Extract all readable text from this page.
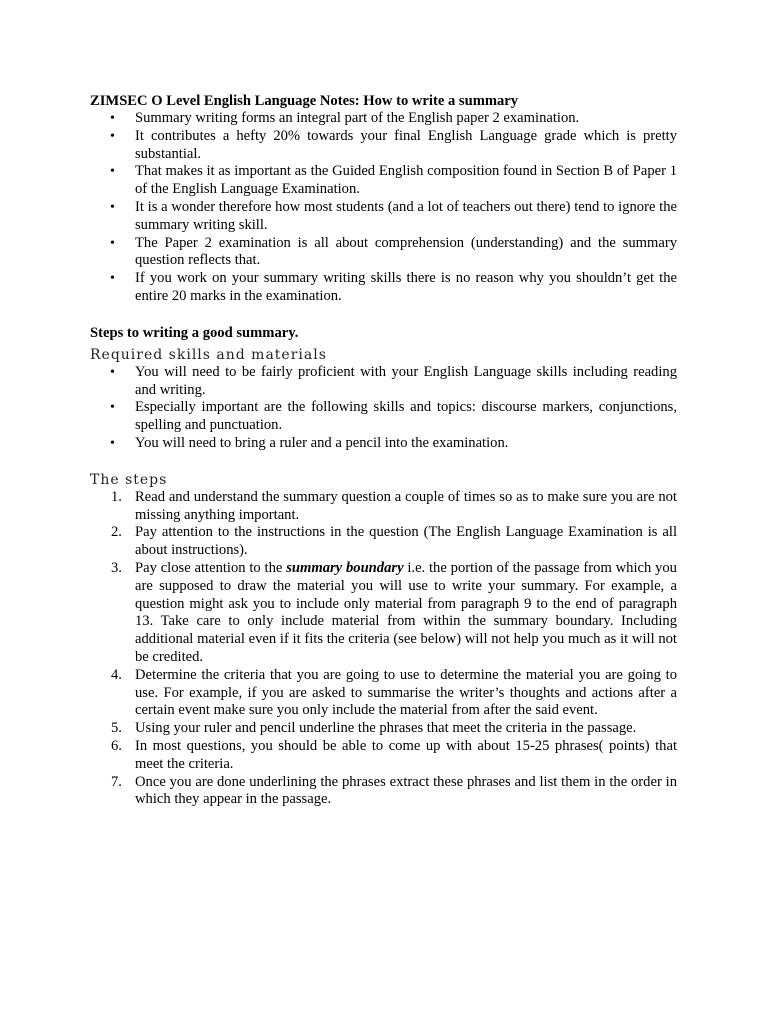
ZIMSEC O Level English Language Notes: How to write a summary

• Summary writing forms an integral part of the English paper 2 examination.
• It contributes a hefty 20% towards your final English Language grade which is pretty substantial.
• That makes it as important as the Guided English composition found in Section B of Paper 1 of the English Language Examination.
• It is a wonder therefore how most students (and a lot of teachers out there) tend to ignore the summary writing skill.
• The Paper 2 examination is all about comprehension (understanding) and the summary question reflects that.
• If you work on your summary writing skills there is no reason why you shouldn’t get the entire 20 marks in the examination.
Steps to writing a good summary.
Required skills and materials
• You will need to be fairly proficient with your English Language skills including reading and writing.
• Especially important are the following skills and topics: discourse markers, conjunctions, spelling and punctuation.
• You will need to bring a ruler and a pencil into the examination.
The steps
1. Read and understand the summary question a couple of times so as to make sure you are not missing anything important.
2. Pay attention to the instructions in the question (The English Language Examination is all about instructions).
3. Pay close attention to the summary boundary i.e. the portion of the passage from which you are supposed to draw the material you will use to write your summary. For example, a question might ask you to include only material from paragraph 9 to the end of paragraph 13. Take care to only include material from within the summary boundary. Including additional material even if it fits the criteria (see below) will not help you much as it will not be credited.
4. Determine the criteria that you are going to use to determine the material you are going to use. For example, if you are asked to summarise the writer’s thoughts and actions after a certain event make sure you only include the material from after the said event.
5. Using your ruler and pencil underline the phrases that meet the criteria in the passage.
6. In most questions, you should be able to come up with about 15-25 phrases( points) that meet the criteria.
7. Once you are done underlining the phrases extract these phrases and list them in the order in which they appear in the passage.
